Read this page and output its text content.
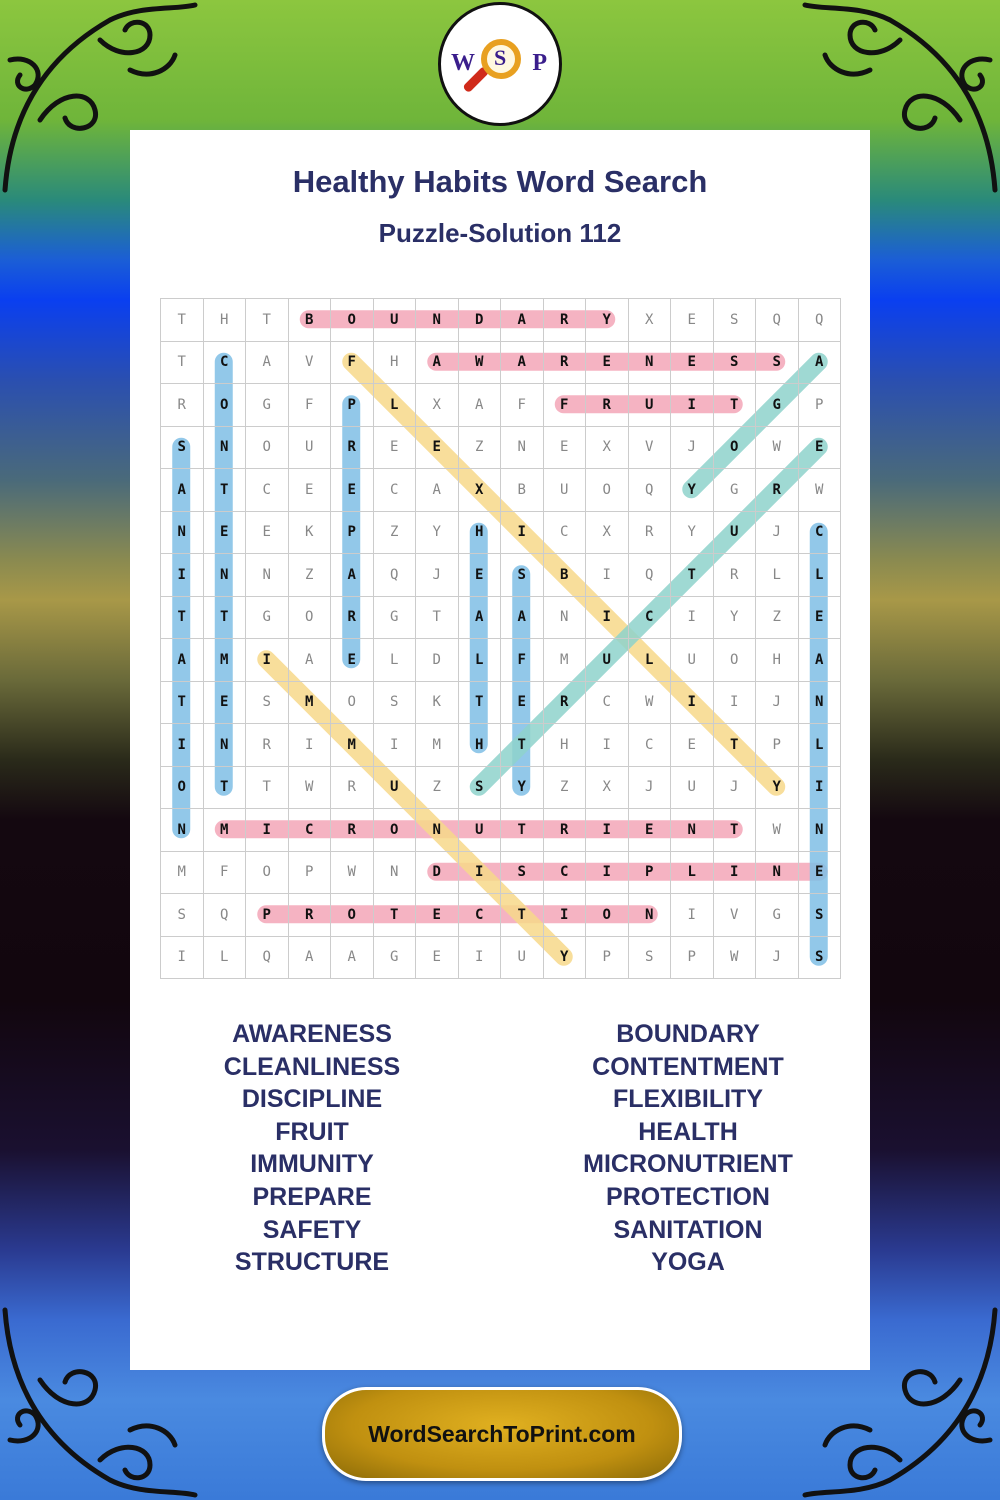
Healthy Habits Word Search
Puzzle-Solution 112
W S P
T	H	T	B	O	U	N	D	A	R	Y	X	E	S	Q	Q
T	C	A	V	F	H	A	W	A	R	E	N	E	S	S	A
R	O	G	F	P	L	X	A	F	F	R	U	I	T	G	P
S	N	O	U	R	E	E	Z	N	E	X	V	J	O	W	E
A	T	C	E	E	C	A	X	B	U	O	Q	Y	G	R	W
N	E	E	K	P	Z	Y	H	I	C	X	R	Y	U	J	C
I	N	N	Z	A	Q	J	E	S	B	I	Q	T	R	L	L
T	T	G	O	R	G	T	A	A	N	I	C	I	Y	Z	E
A	M	I	A	E	L	D	L	F	M	U	L	U	O	H	A
T	E	S	M	O	S	K	T	E	R	C	W	I	I	J	N
I	N	R	I	M	I	M	H	T	H	I	C	E	T	P	L
O	T	T	W	R	U	Z	S	Y	Z	X	J	U	J	Y	I
N	M	I	C	R	O	N	U	T	R	I	E	N	T	W	N
M	F	O	P	W	N	D	I	S	C	I	P	L	I	N	E
S	Q	P	R	O	T	E	C	T	I	O	N	I	V	G	S
I	L	Q	A	A	G	E	I	U	Y	P	S	P	W	J	S
AWARENESS
CLEANLINESS
DISCIPLINE
FRUIT
IMMUNITY
PREPARE
SAFETY
STRUCTURE
BOUNDARY
CONTENTMENT
FLEXIBILITY
HEALTH
MICRONUTRIENT
PROTECTION
SANITATION
YOGA
WordSearchToPrint.com
